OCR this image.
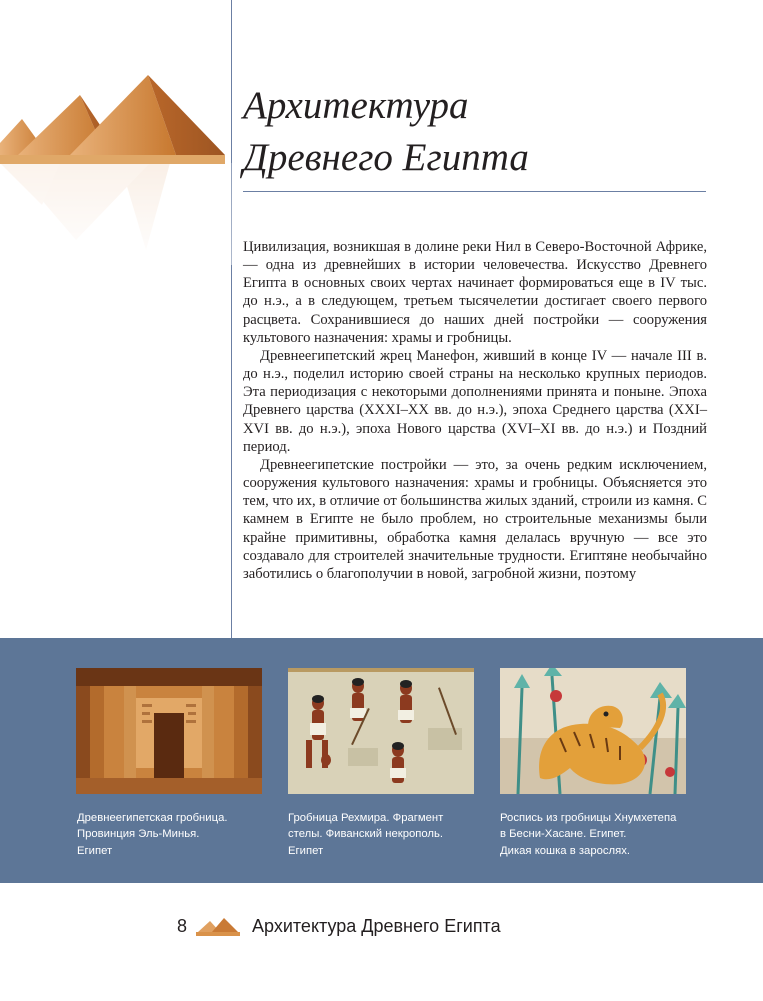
Архитектура
Древнего Египта

Цивилизация, возникшая в долине реки Нил в Северо-Восточной Африке, — одна из древнейших в истории человечества. Искусство Древнего Египта в основных своих чертах начинает формироваться еще в IV тыс. до н.э., а в следующем, третьем тысячелетии достигает своего первого расцвета. Сохранившиеся до наших дней постройки — сооружения культового назначения: храмы и гробницы.

Древнеегипетский жрец Манефон, живший в конце IV — начале III в. до н.э., поделил историю своей страны на несколько крупных периодов. Эта периодизация с некоторыми дополнениями принята и поныне. Эпоха Древнего царства (XXXI–XX вв. до н.э.), эпоха Среднего царства (XXI–XVI вв. до н.э.), эпоха Нового царства (XVI–XI вв. до н.э.) и Поздний период.

Древнеегипетские постройки — это, за очень редким исключением, сооружения культового назначения: храмы и гробницы. Объясняется это тем, что их, в отличие от большинства жилых зданий, строили из камня. С камнем в Египте не было проблем, но строительные механизмы были крайне примитивны, обработка камня делалась вручную — все это создавало для строителей значительные трудности. Египтяне необычайно заботились о благополучии в новой, загробной жизни, поэтому

Древнеегипетская гробница.
Провинция Эль-Минья.
Египет
Гробница Рехмира. Фрагмент
стелы. Фиванский некрополь.
Египет
Роспись из гробницы Хнумхетепа
в Бесни-Хасане. Египет.
Дикая кошка в зарослях.
8	Архитектура Древнего Египта
